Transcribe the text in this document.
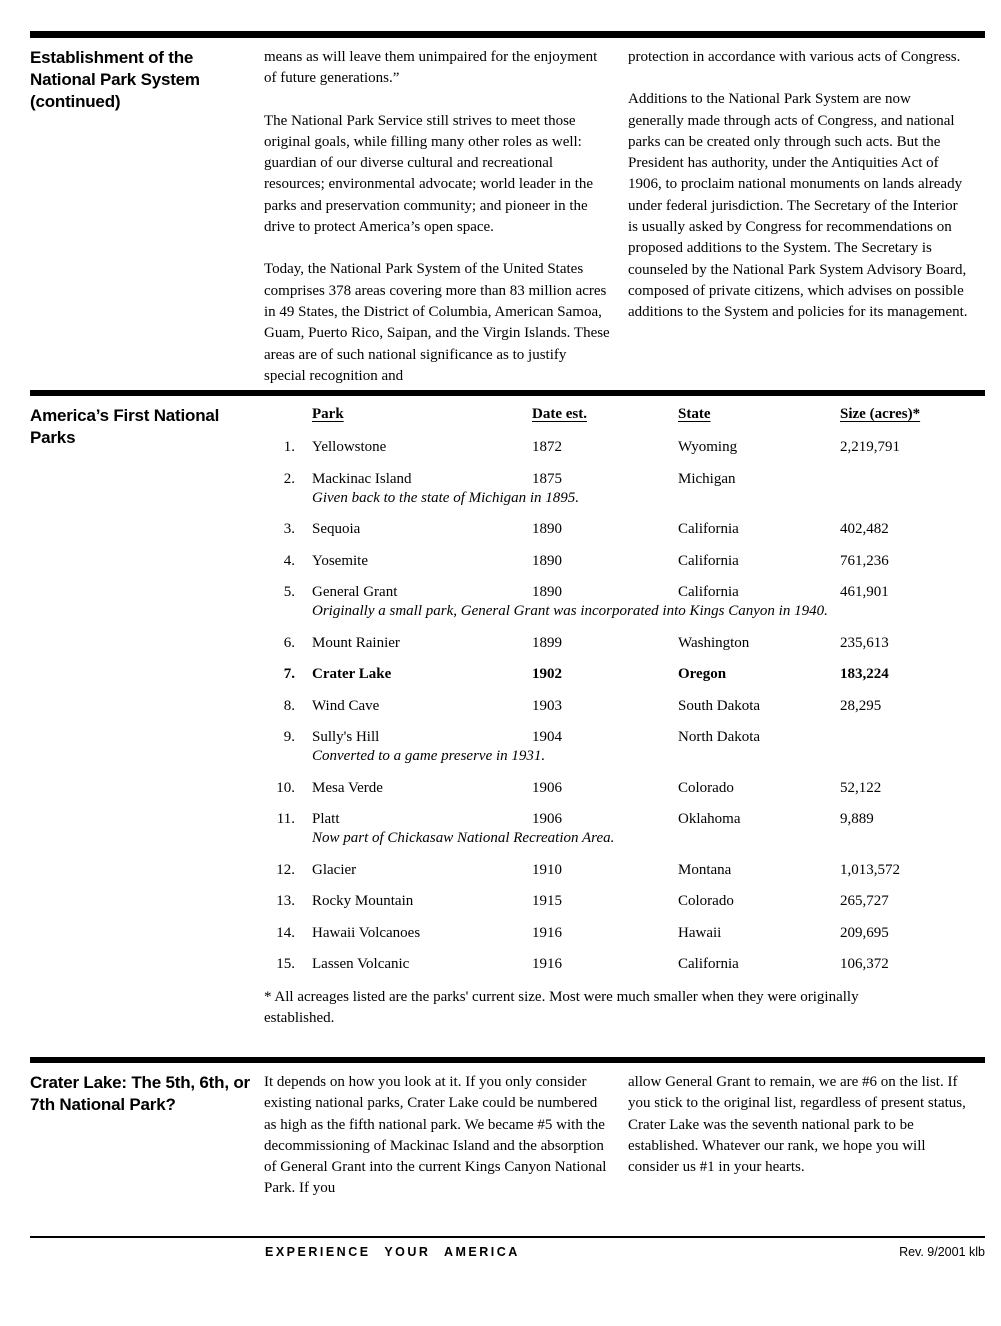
Establishment of the National Park System (continued)

means as will leave them unimpaired for the enjoyment of future generations.”

The National Park Service still strives to meet those original goals, while filling many other roles as well: guardian of our diverse cultural and recreational resources; environmental advocate; world leader in the parks and preservation community; and pioneer in the drive to protect America’s open space.

Today, the National Park System of the United States comprises 378 areas covering more than 83 million acres in 49 States, the District of Columbia, American Samoa, Guam, Puerto Rico, Saipan, and the Virgin Islands. These areas are of such national significance as to justify special recognition and

protection in accordance with various acts of Congress.

Additions to the National Park System are now generally made through acts of Congress, and national parks can be created only through such acts. But the President has authority, under the Antiquities Act of 1906, to proclaim national monuments on lands already under federal jurisdiction. The Secretary of the Interior is usually asked by Congress for recommendations on proposed additions to the System. The Secretary is counseled by the National Park System Advisory Board, composed of private citizens, which advises on possible additions to the System and policies for its management.

America’s First National Parks
Park	Date est.	State	Size (acres)*
1.	Yellowstone	1872	Wyoming	2,219,791
2.	Mackinac Island	1875	Michigan
Given back to the state of Michigan in 1895.
3.	Sequoia	1890	California	402,482
4.	Yosemite	1890	California	761,236
5.	General Grant	1890	California	461,901
Originally a small park, General Grant was incorporated into Kings Canyon in 1940.
6.	Mount Rainier	1899	Washington	235,613
7.	Crater Lake	1902	Oregon	183,224
8.	Wind Cave	1903	South Dakota	28,295
9.	Sully's Hill	1904	North Dakota
Converted to a game preserve in 1931.
10.	Mesa Verde	1906	Colorado	52,122
11.	Platt	1906	Oklahoma	9,889
Now part of Chickasaw National Recreation Area.
12.	Glacier	1910	Montana	1,013,572
13.	Rocky Mountain	1915	Colorado	265,727
14.	Hawaii Volcanoes	1916	Hawaii	209,695
15.	Lassen Volcanic	1916	California	106,372
* All acreages listed are the parks' current size. Most were much smaller when they were originally established.
Crater Lake: The 5th, 6th, or 7th National Park?

It depends on how you look at it. If you only consider existing national parks, Crater Lake could be numbered as high as the fifth national park. We became #5 with the decommissioning of Mackinac Island and the absorption of General Grant into the current Kings Canyon National Park. If you

allow General Grant to remain, we are #6 on the list. If you stick to the original list, regardless of present status, Crater Lake was the seventh national park to be established. Whatever our rank, we hope you will consider us #1 in your hearts.

EXPERIENCE YOUR AMERICA	Rev. 9/2001 klb
